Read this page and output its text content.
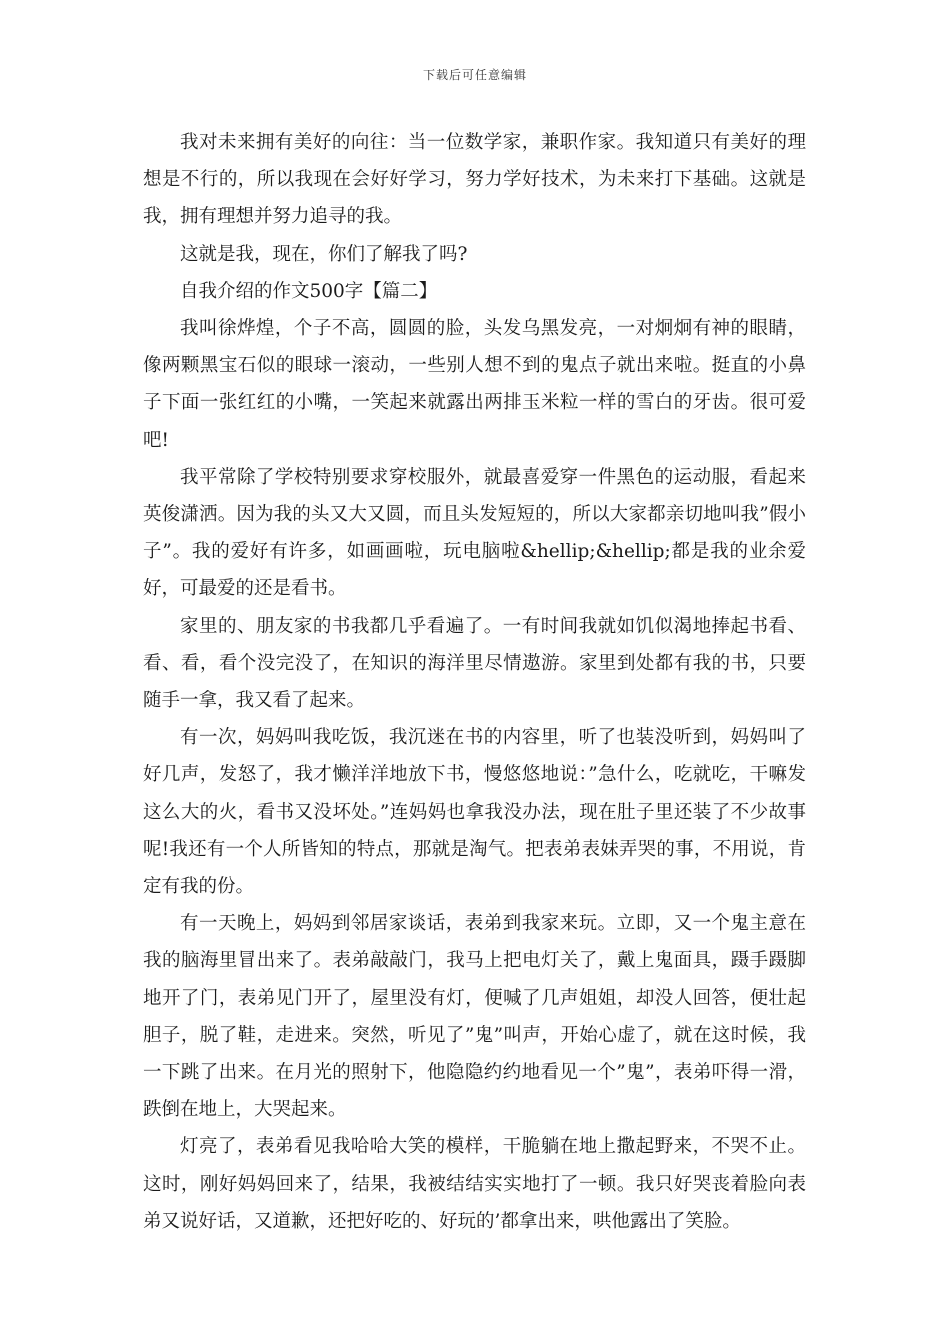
下载后可任意编辑

我对未来拥有美好的向往：当一位数学家，兼职作家。我知道只有美好的理想是不行的，所以我现在会好好学习，努力学好技术，为未来打下基础。这就是我，拥有理想并努力追寻的我。

这就是我，现在，你们了解我了吗?

自我介绍的作文500字【篇二】

我叫徐烨煌，个子不高，圆圆的脸，头发乌黑发亮，一对炯炯有神的眼睛，像两颗黑宝石似的眼球一滚动，一些别人想不到的鬼点子就出来啦。挺直的小鼻子下面一张红红的小嘴，一笑起来就露出两排玉米粒一样的雪白的牙齿。很可爱吧!

我平常除了学校特别要求穿校服外，就最喜爱穿一件黑色的运动服，看起来英俊潇洒。因为我的头又大又圆，而且头发短短的，所以大家都亲切地叫我”假小子”。我的爱好有许多，如画画啦，玩电脑啦&hellip;&hellip;都是我的业余爱好，可最爱的还是看书。

家里的、朋友家的书我都几乎看遍了。一有时间我就如饥似渴地捧起书看、看、看，看个没完没了，在知识的海洋里尽情遨游。家里到处都有我的书，只要随手一拿，我又看了起来。

有一次，妈妈叫我吃饭，我沉迷在书的内容里，听了也装没听到，妈妈叫了好几声，发怒了，我才懒洋洋地放下书，慢悠悠地说：”急什么，吃就吃，干嘛发这么大的火，看书又没坏处。”连妈妈也拿我没办法，现在肚子里还装了不少故事呢!我还有一个人所皆知的特点，那就是淘气。把表弟表妹弄哭的事，不用说，肯定有我的份。

有一天晚上，妈妈到邻居家谈话，表弟到我家来玩。立即，又一个鬼主意在我的脑海里冒出来了。表弟敲敲门，我马上把电灯关了，戴上鬼面具，蹑手蹑脚地开了门，表弟见门开了，屋里没有灯，便喊了几声姐姐，却没人回答，便壮起胆子，脱了鞋，走进来。突然，听见了”鬼”叫声，开始心虚了，就在这时候，我一下跳了出来。在月光的照射下，他隐隐约约地看见一个”鬼”，表弟吓得一滑，跌倒在地上，大哭起来。

灯亮了，表弟看见我哈哈大笑的模样，干脆躺在地上撒起野来，不哭不止。这时，刚好妈妈回来了，结果，我被结结实实地打了一顿。我只好哭丧着脸向表弟又说好话，又道歉，还把好吃的、好玩的’都拿出来，哄他露出了笑脸。
